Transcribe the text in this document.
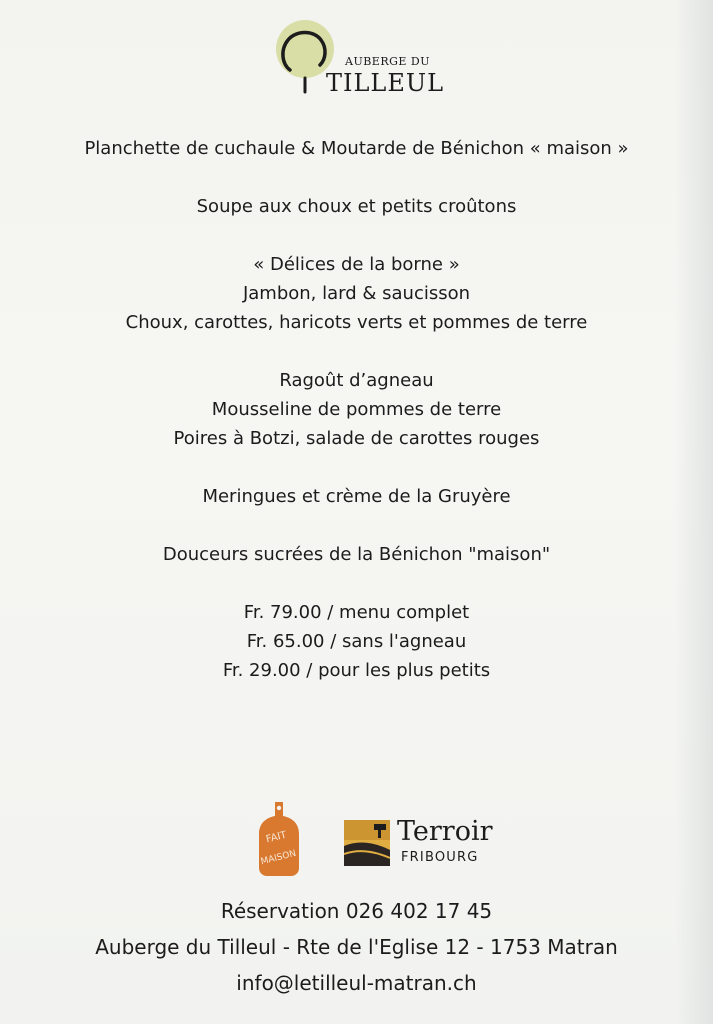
AUBERGE DU
TILLEUL

Planchette de cuchaule & Moutarde de Bénichon « maison »

Soupe aux choux et petits croûtons

« Délices de la borne »

Jambon, lard & saucisson

Choux, carottes, haricots verts et pommes de terre

Ragoût d’agneau

Mousseline de pommes de terre

Poires à Botzi, salade de carottes rouges

Meringues et crème de la Gruyère

Douceurs sucrées de la Bénichon "maison"

Fr. 79.00 / menu complet

Fr. 65.00 / sans l'agneau

Fr. 29.00 / pour les plus petits

FAIT
MAISON
Terroir
FRIBOURG

Réservation 026 402 17 45

Auberge du Tilleul - Rte de l'Eglise 12 - 1753 Matran

info@letilleul-matran.ch
